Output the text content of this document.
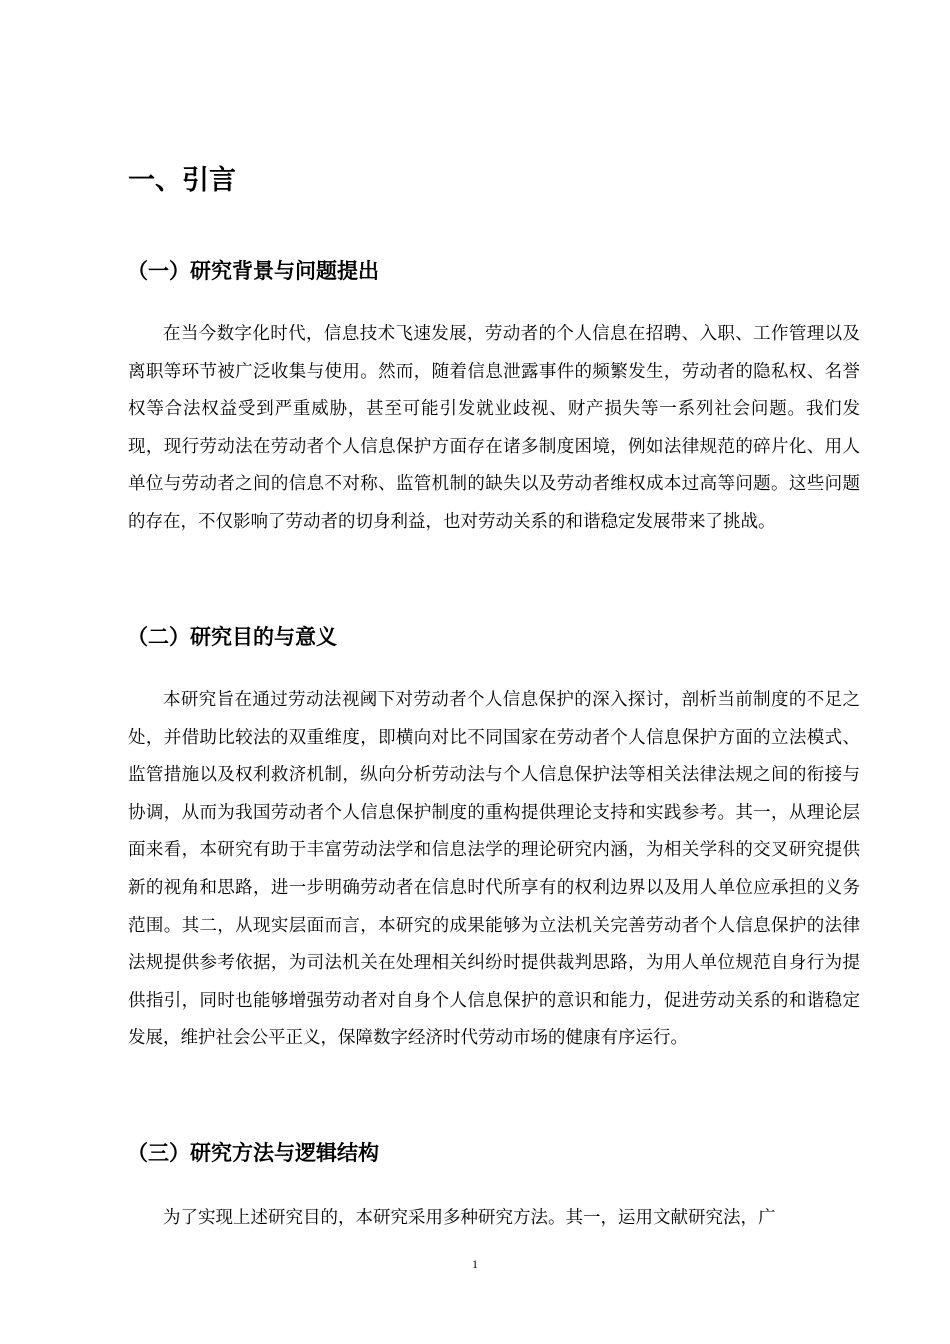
一、引言
（一）研究背景与问题提出

在当今数字化时代，信息技术飞速发展，劳动者的个人信息在招聘、入职、工作管理以及离职等环节被广泛收集与使用。然而，随着信息泄露事件的频繁发生，劳动者的隐私权、名誉权等合法权益受到严重威胁，甚至可能引发就业歧视、财产损失等一系列社会问题。我们发现，现行劳动法在劳动者个人信息保护方面存在诸多制度困境，例如法律规范的碎片化、用人单位与劳动者之间的信息不对称、监管机制的缺失以及劳动者维权成本过高等问题。这些问题的存在，不仅影响了劳动者的切身利益，也对劳动关系的和谐稳定发展带来了挑战。

（二）研究目的与意义

本研究旨在通过劳动法视阈下对劳动者个人信息保护的深入探讨，剖析当前制度的不足之处，并借助比较法的双重维度，即横向对比不同国家在劳动者个人信息保护方面的立法模式、监管措施以及权利救济机制，纵向分析劳动法与个人信息保护法等相关法律法规之间的衔接与协调，从而为我国劳动者个人信息保护制度的重构提供理论支持和实践参考。其一，从理论层面来看，本研究有助于丰富劳动法学和信息法学的理论研究内涵，为相关学科的交叉研究提供新的视角和思路，进一步明确劳动者在信息时代所享有的权利边界以及用人单位应承担的义务范围。其二，从现实层面而言，本研究的成果能够为立法机关完善劳动者个人信息保护的法律法规提供参考依据，为司法机关在处理相关纠纷时提供裁判思路，为用人单位规范自身行为提供指引，同时也能够增强劳动者对自身个人信息保护的意识和能力，促进劳动关系的和谐稳定发展，维护社会公平正义，保障数字经济时代劳动市场的健康有序运行。

（三）研究方法与逻辑结构

为了实现上述研究目的，本研究采用多种研究方法。其一，运用文献研究法，广

1
